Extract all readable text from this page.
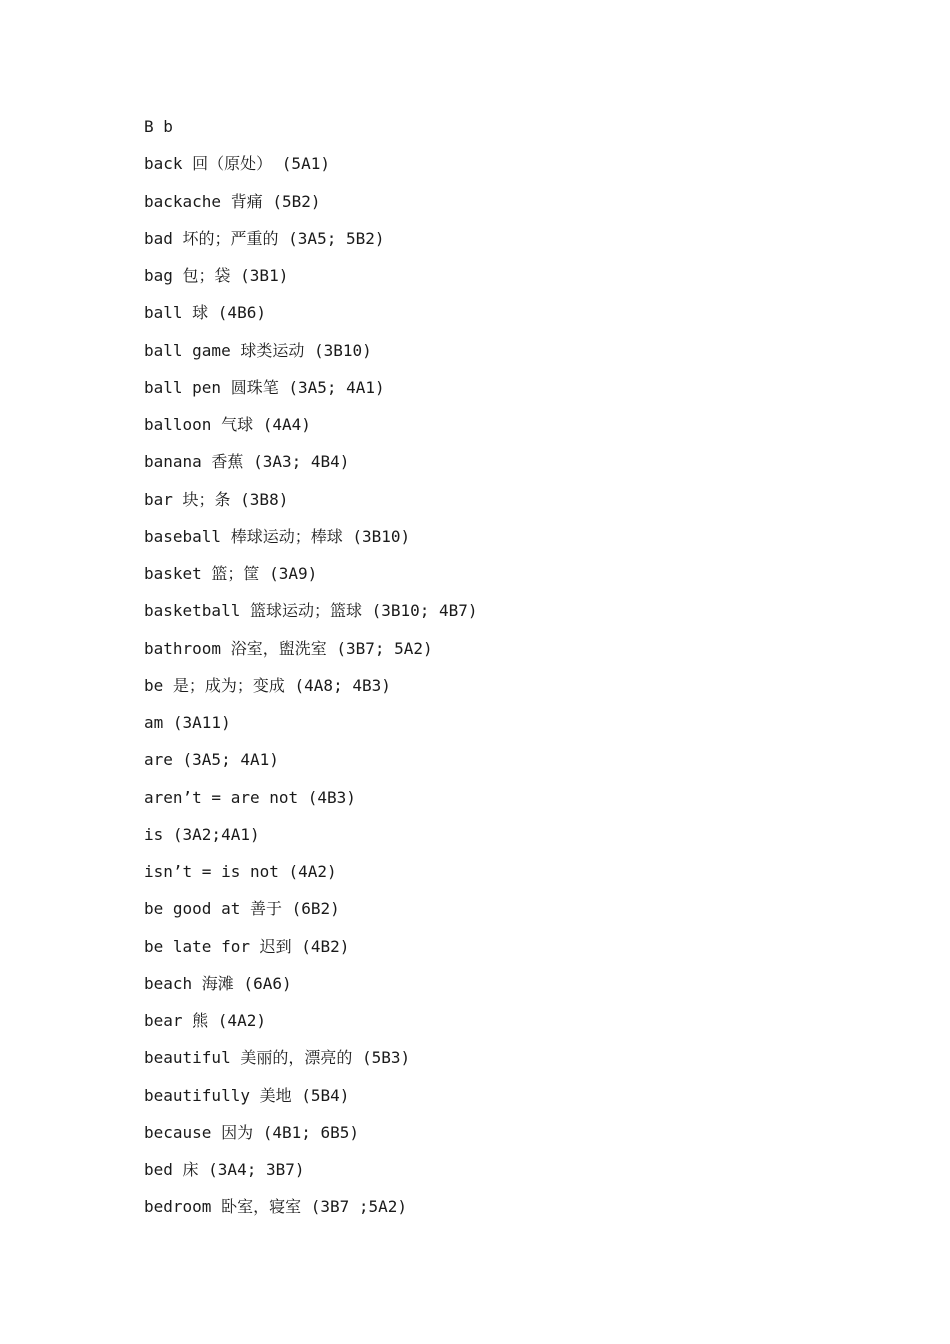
B b
back 回（原处） (5A1)
backache 背痛 (5B2)
bad 坏的；严重的 (3A5; 5B2)
bag 包；袋 (3B1)
ball 球 (4B6)
ball game 球类运动 (3B10)
ball pen 圆珠笔 (3A5; 4A1)
balloon 气球 (4A4)
banana 香蕉 (3A3; 4B4)
bar 块；条 (3B8)
baseball 棒球运动；棒球 (3B10)
basket 篮；筐 (3A9)
basketball 篮球运动；篮球 (3B10; 4B7)
bathroom 浴室，盥洗室 (3B7; 5A2)
be 是；成为；变成 (4A8; 4B3)
am (3A11)
are (3A5; 4A1)
aren’t = are not (4B3)
is (3A2;4A1)
isn’t = is not (4A2)
be good at 善于 (6B2)
be late for 迟到 (4B2)
beach 海滩 (6A6)
bear 熊 (4A2)
beautiful 美丽的，漂亮的 (5B3)
beautifully 美地 (5B4)
because 因为 (4B1; 6B5)
bed 床 (3A4; 3B7)
bedroom 卧室，寝室 (3B7 ;5A2)
